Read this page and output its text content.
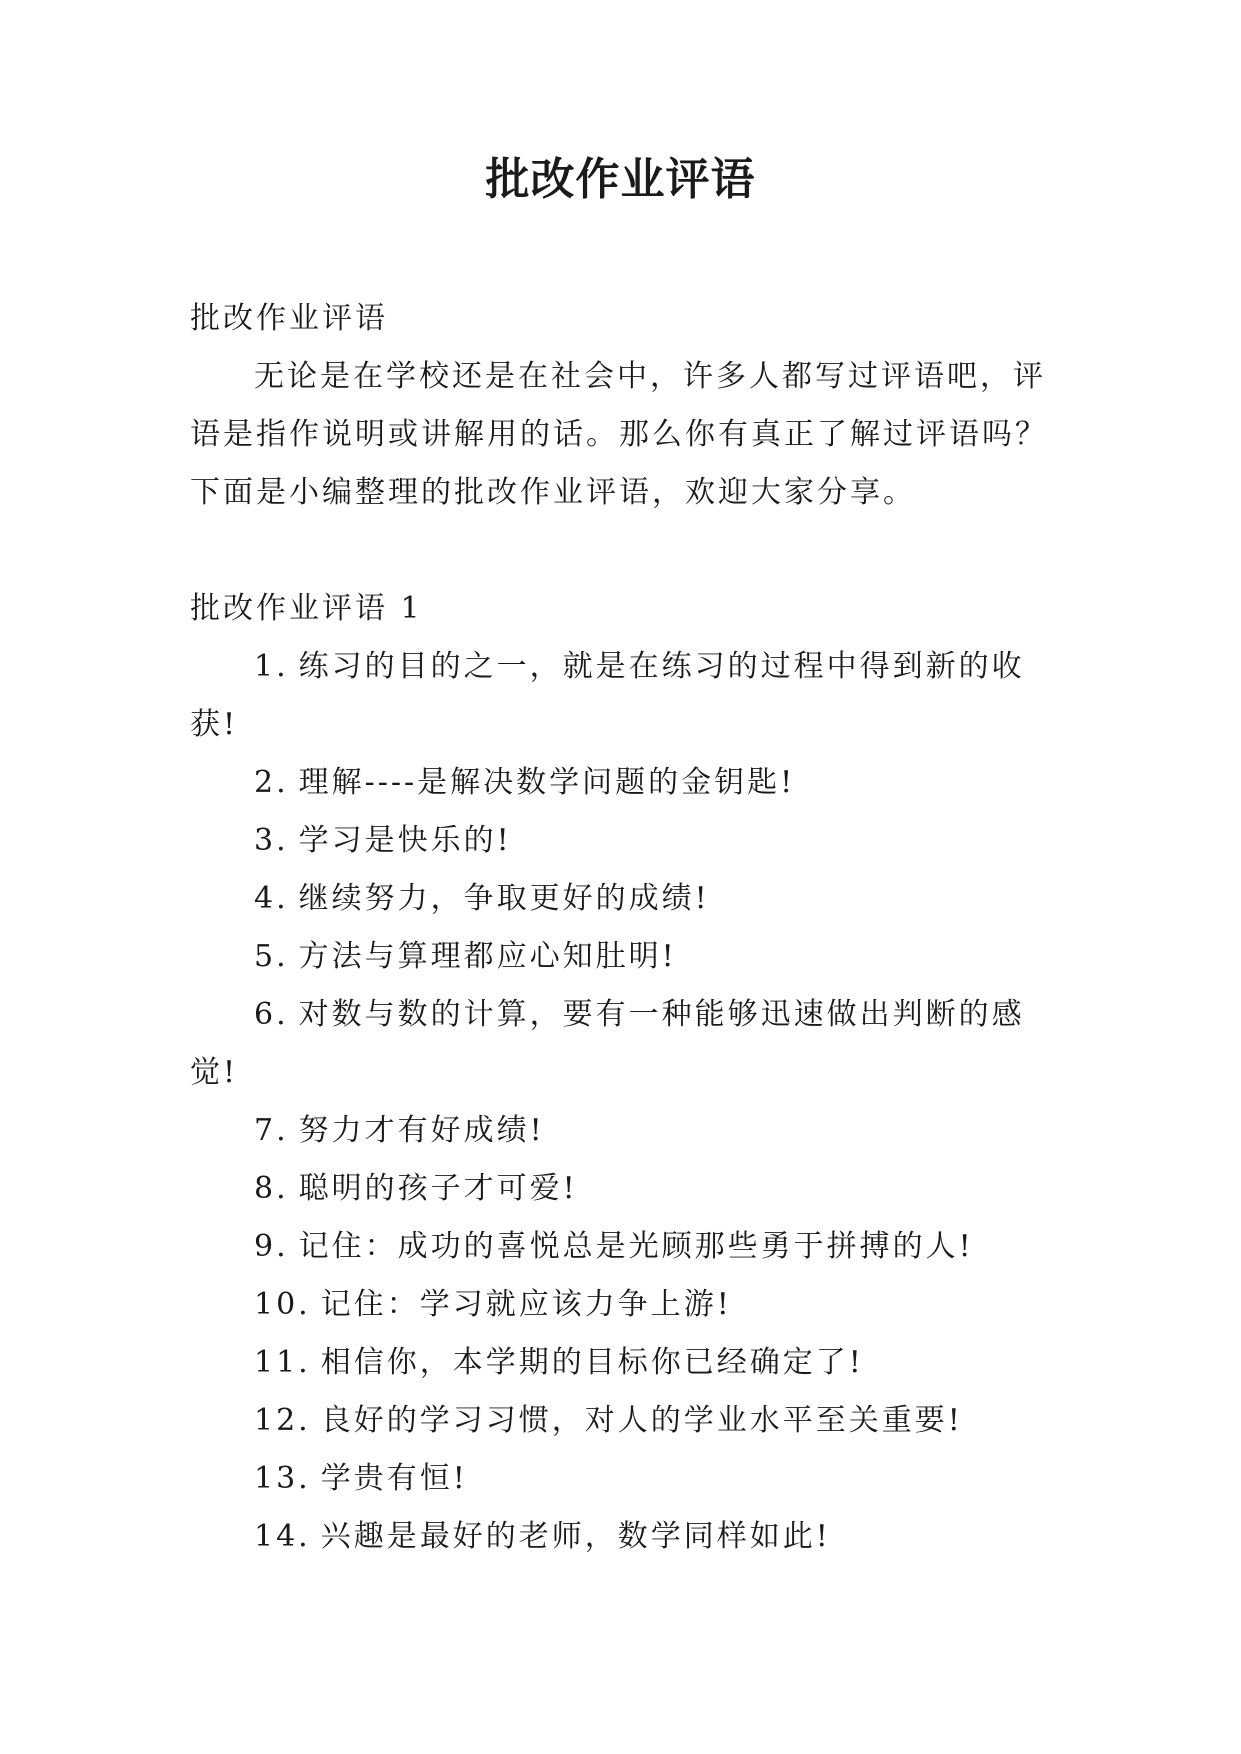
批改作业评语

批改作业评语

无论是在学校还是在社会中，许多人都写过评语吧，评语是指作说明或讲解用的话。那么你有真正了解过评语吗？下面是小编整理的批改作业评语，欢迎大家分享。

批改作业评语 1

1. 练习的目的之一，就是在练习的过程中得到新的收获!

2. 理解----是解决数学问题的金钥匙!

3. 学习是快乐的!

4. 继续努力，争取更好的成绩!

5. 方法与算理都应心知肚明!

6. 对数与数的计算，要有一种能够迅速做出判断的感觉!

7. 努力才有好成绩!

8. 聪明的孩子才可爱!

9. 记住：成功的喜悦总是光顾那些勇于拼搏的人!

10. 记住：学习就应该力争上游!

11. 相信你，本学期的目标你已经确定了!

12. 良好的学习习惯，对人的学业水平至关重要!

13. 学贵有恒!

14. 兴趣是最好的老师，数学同样如此!
